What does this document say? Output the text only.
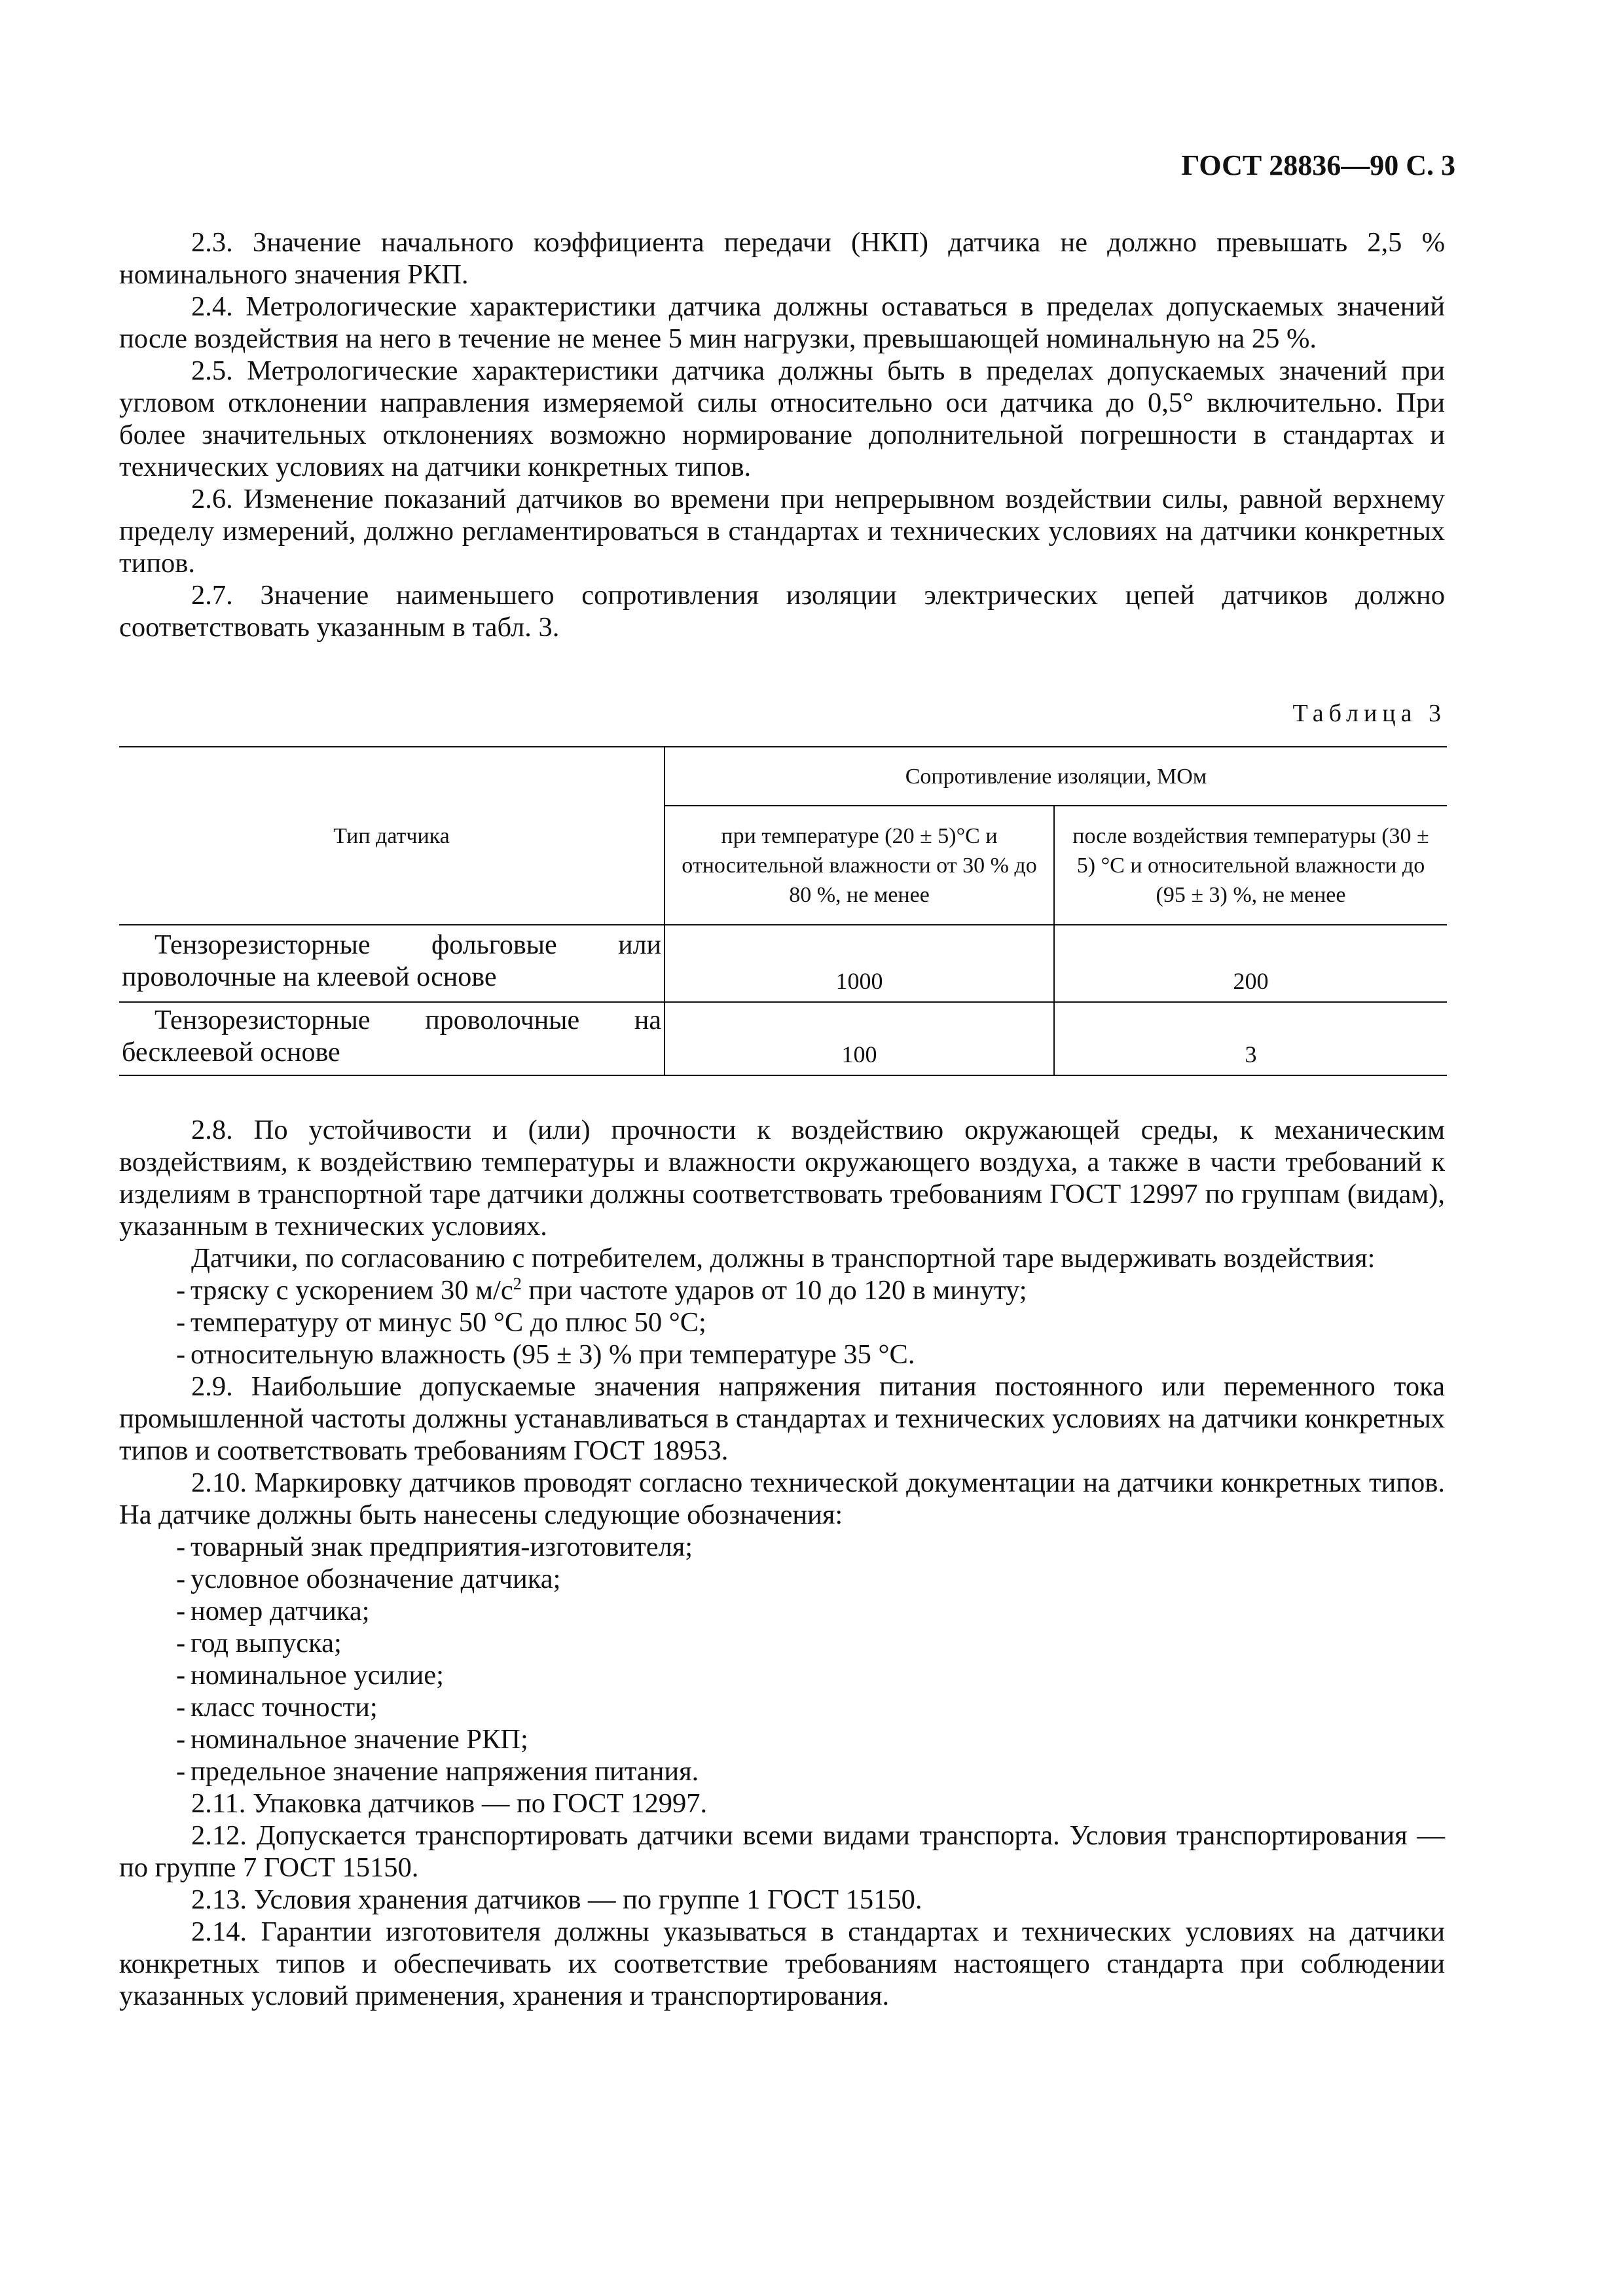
ГОСТ 28836—90 С. 3

2.3. Значение начального коэффициента передачи (НКП) датчика не должно превышать 2,5 % номинального значения РКП.

2.4. Метрологические характеристики датчика должны оставаться в пределах допускаемых значений после воздействия на него в течение не менее 5 мин нагрузки, превышающей номинальную на 25 %.

2.5. Метрологические характеристики датчика должны быть в пределах допускаемых значений при угловом отклонении направления измеряемой силы относительно оси датчика до 0,5° включительно. При более значительных отклонениях возможно нормирование дополнительной погрешности в стандартах и технических условиях на датчики конкретных типов.

2.6. Изменение показаний датчиков во времени при непрерывном воздействии силы, равной верхнему пределу измерений, должно регламентироваться в стандартах и технических условиях на датчики конкретных типов.

2.7. Значение наименьшего сопротивления изоляции электрических цепей датчиков должно соответствовать указанным в табл. 3.

Таблица 3
Тип датчика	Сопротивление изоляции, МОм	
	при температуре (20 ± 5)°С и относительной влажности от 30 % до 80 %, не менее	после воздействия температуры (30 ± 5) °С и относительной влажности до (95 ± 3) %, не менее
Тензорезисторные фольговые или проволочные на клеевой основе	1000	200
Тензорезисторные проволочные на бесклеевой основе	100	3

2.8. По устойчивости и (или) прочности к воздействию окружающей среды, к механическим воздействиям, к воздействию температуры и влажности окружающего воздуха, а также в части требований к изделиям в транспортной таре датчики должны соответствовать требованиям ГОСТ 12997 по группам (видам), указанным в технических условиях.

Датчики, по согласованию с потребителем, должны в транспортной таре выдерживать воздействия:

- тряску с ускорением 30 $м/с^2$ при частоте ударов от 10 до 120 в минуту;

- температуру от минус 50 °С до плюс 50 °С;

- относительную влажность (95 ± 3) % при температуре 35 °С.

2.9. Наибольшие допускаемые значения напряжения питания постоянного или переменного тока промышленной частоты должны устанавливаться в стандартах и технических условиях на датчики конкретных типов и соответствовать требованиям ГОСТ 18953.

2.10. Маркировку датчиков проводят согласно технической документации на датчики конкретных типов. На датчике должны быть нанесены следующие обозначения:

- товарный знак предприятия-изготовителя;

- условное обозначение датчика;

- номер датчика;

- год выпуска;

- номинальное усилие;

- класс точности;

- номинальное значение РКП;

- предельное значение напряжения питания.

2.11. Упаковка датчиков — по ГОСТ 12997.

2.12. Допускается транспортировать датчики всеми видами транспорта. Условия транспортирования — по группе 7 ГОСТ 15150.

2.13. Условия хранения датчиков — по группе 1 ГОСТ 15150.

2.14. Гарантии изготовителя должны указываться в стандартах и технических условиях на датчики конкретных типов и обеспечивать их соответствие требованиям настоящего стандарта при соблюдении указанных условий применения, хранения и транспортирования.
